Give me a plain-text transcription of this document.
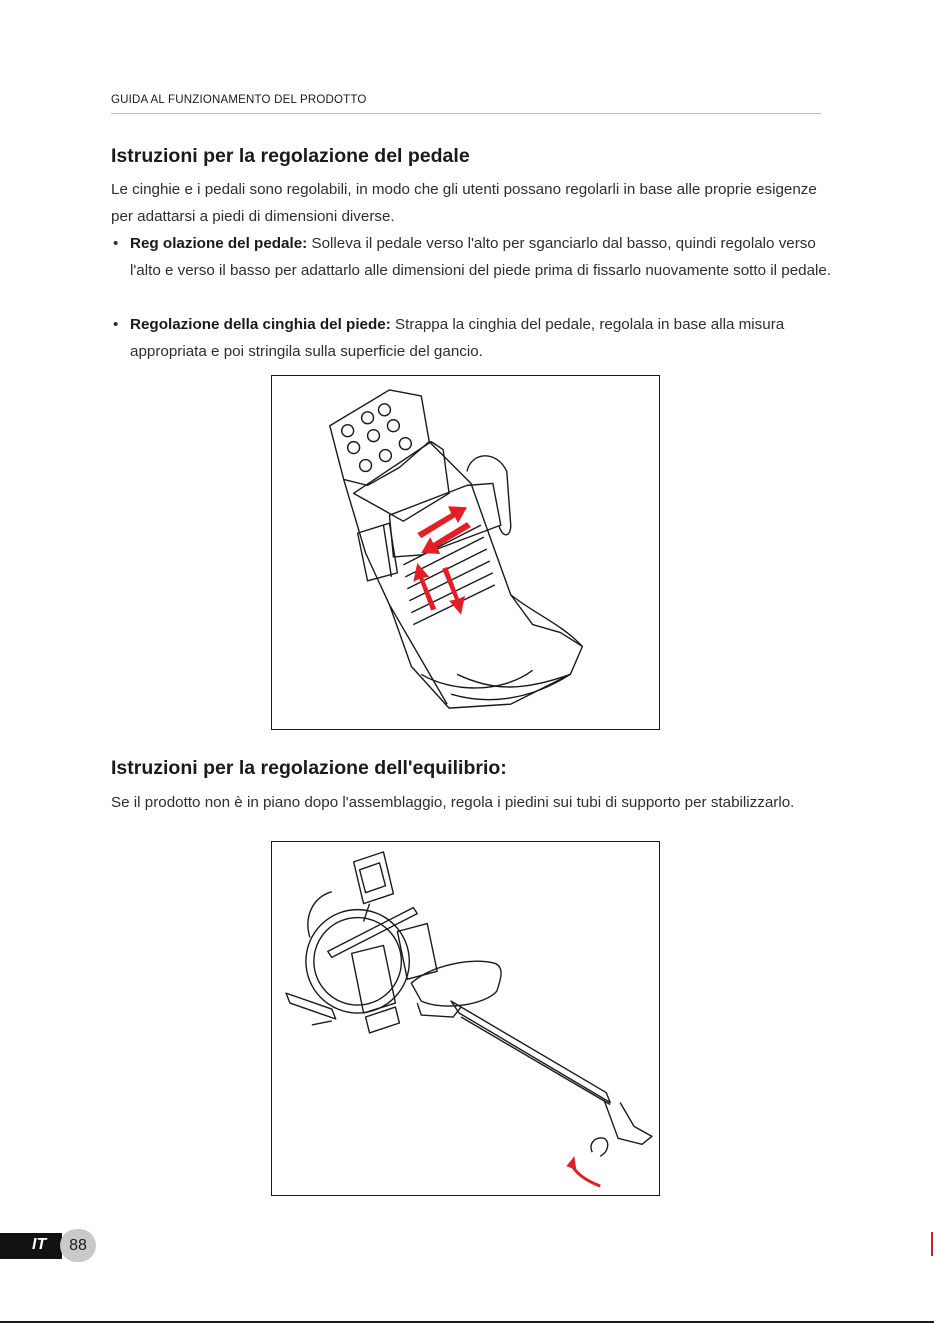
GUIDA AL FUNZIONAMENTO DEL PRODOTTO
Istruzioni per la regolazione del pedale

Le cinghie e i pedali sono regolabili, in modo che gli utenti possano regolarli in base alle proprie esigenze per adattarsi a piedi di dimensioni diverse.

• Reg olazione del pedale: Solleva il pedale verso l'alto per sganciarlo dal basso, quindi regolalo verso l'alto e verso il basso per adattarlo alle dimensioni del piede prima di fissarlo nuovamente sotto il pedale.

• Regolazione della cinghia del piede: Strappa la cinghia del pedale, regolala in base alla misura appropriata e poi stringila sulla superficie del gancio.

Istruzioni per la regolazione dell'equilibrio:

Se il prodotto non è in piano dopo l'assemblaggio, regola i piedini sui tubi di supporto per stabilizzarlo.

IT	88
